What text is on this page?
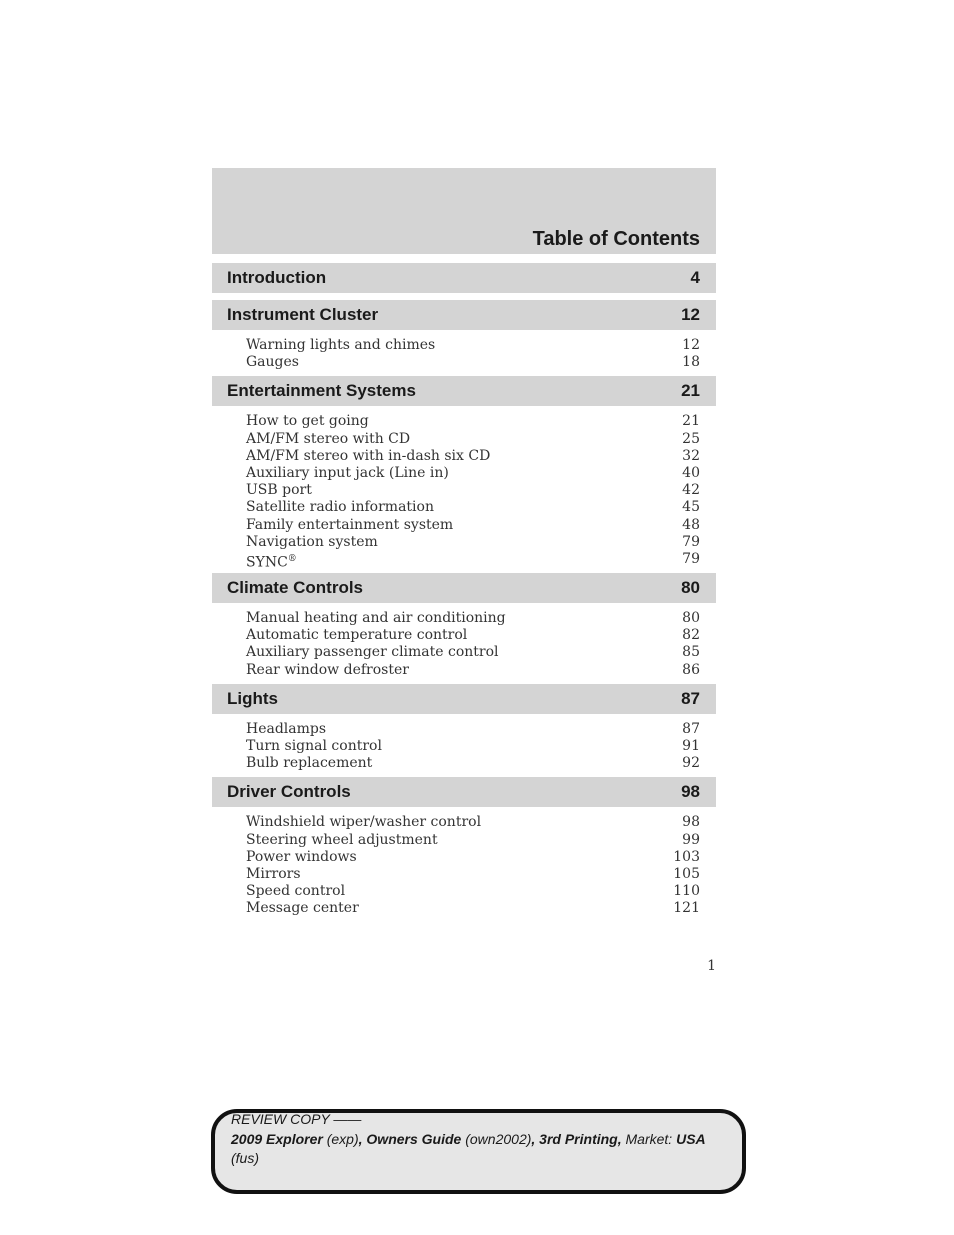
Table of Contents
Introduction	4
Instrument Cluster	12
Warning lights and chimes	12
Gauges	18
Entertainment Systems	21
How to get going	21
AM/FM stereo with CD	25
AM/FM stereo with in-dash six CD	32
Auxiliary input jack (Line in)	40
USB port	42
Satellite radio information	45
Family entertainment system	48
Navigation system	79
SYNC®	79
Climate Controls	80
Manual heating and air conditioning	80
Automatic temperature control	82
Auxiliary passenger climate control	85
Rear window defroster	86
Lights	87
Headlamps	87
Turn signal control	91
Bulb replacement	92
Driver Controls	98
Windshield wiper/washer control	98
Steering wheel adjustment	99
Power windows	103
Mirrors	105
Speed control	110
Message center	121
1
REVIEW COPY ——
2009 Explorer (exp), Owners Guide (own2002), 3rd Printing, Market: USA
(fus)
